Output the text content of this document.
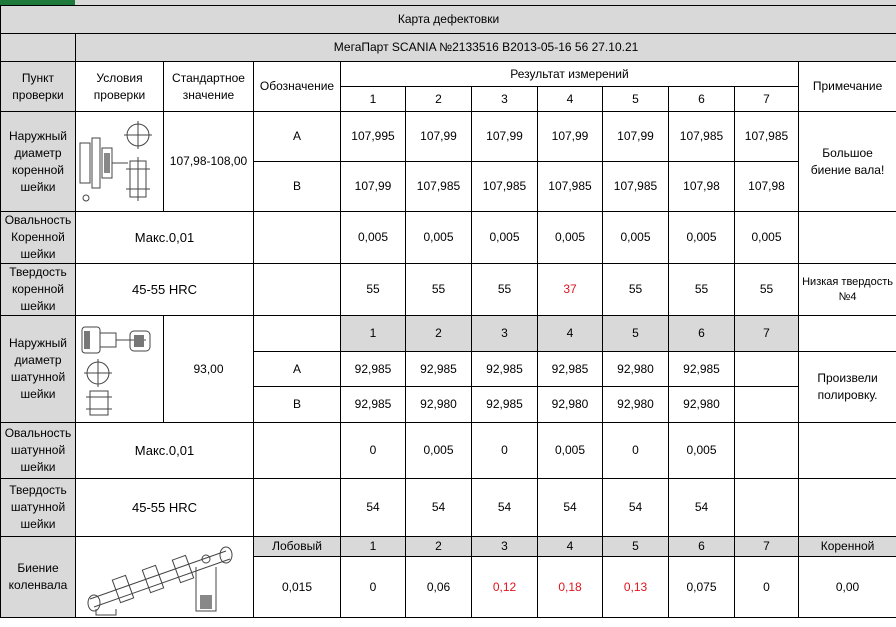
Карта дефектовки											
	МегаПарт SCANIA №2133516 B2013-05-16 56 27.10.21										
Пункт проверки	Условия проверки	Стандартное значение	Обозначение	Результат измерений							Примечание
				1	2	3	4	5	6	7	
Наружный диаметр коренной шейки		107,98-108,00	A	107,995	107,99	107,99	107,99	107,99	107,985	107,985	Большое биение вала!
			B	107,99	107,985	107,985	107,985	107,985	107,98	107,98	
Овальность Коренной шейки	Макс.0,01			0,005	0,005	0,005	0,005	0,005	0,005	0,005	
Твердость коренной шейки	45-55 HRC			55	55	55	37	55	55	55	Низкая твердость №4
Наружный диаметр шатунной шейки		93,00		1	2	3	4	5	6	7	
			A	92,985	92,985	92,985	92,985	92,980	92,985		Произвели полировку.
			B	92,985	92,980	92,985	92,980	92,980	92,980		
Овальность шатунной шейки	Макс.0,01			0	0,005	0	0,005	0	0,005		
Твердость шатунной шейки	45-55 HRC			54	54	54	54	54	54		
Биение коленвала			Лобовый	1	2	3	4	5	6	7	Коренной
			0,015	0	0,06	0,12	0,18	0,13	0,075	0	0,00
